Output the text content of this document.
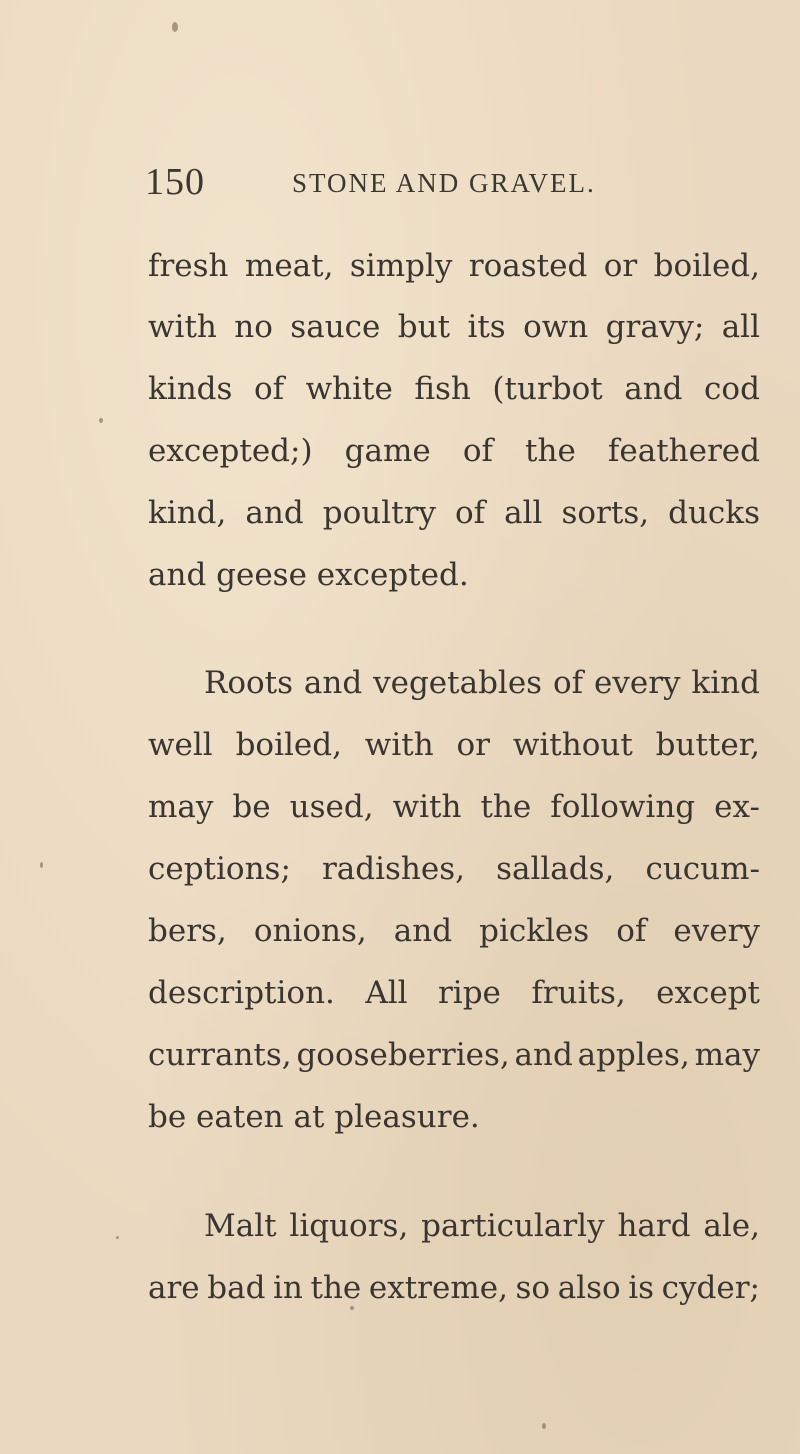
150	STONE AND GRAVEL.
fresh meat, simply roasted or boiled,
with no sauce but its own gravy; all
kinds of white fish (turbot and cod
excepted;) game of the feathered
kind, and poultry of all sorts, ducks
and geese excepted.
Roots and vegetables of every kind
well boiled, with or without butter,
may be used, with the following ex-
ceptions; radishes, sallads, cucum-
bers, onions, and pickles of every
description. All ripe fruits, except
currants, gooseberries, and apples, may
be eaten at pleasure.
Malt liquors, particularly hard ale,
are bad in the extreme, so also is cyder;
